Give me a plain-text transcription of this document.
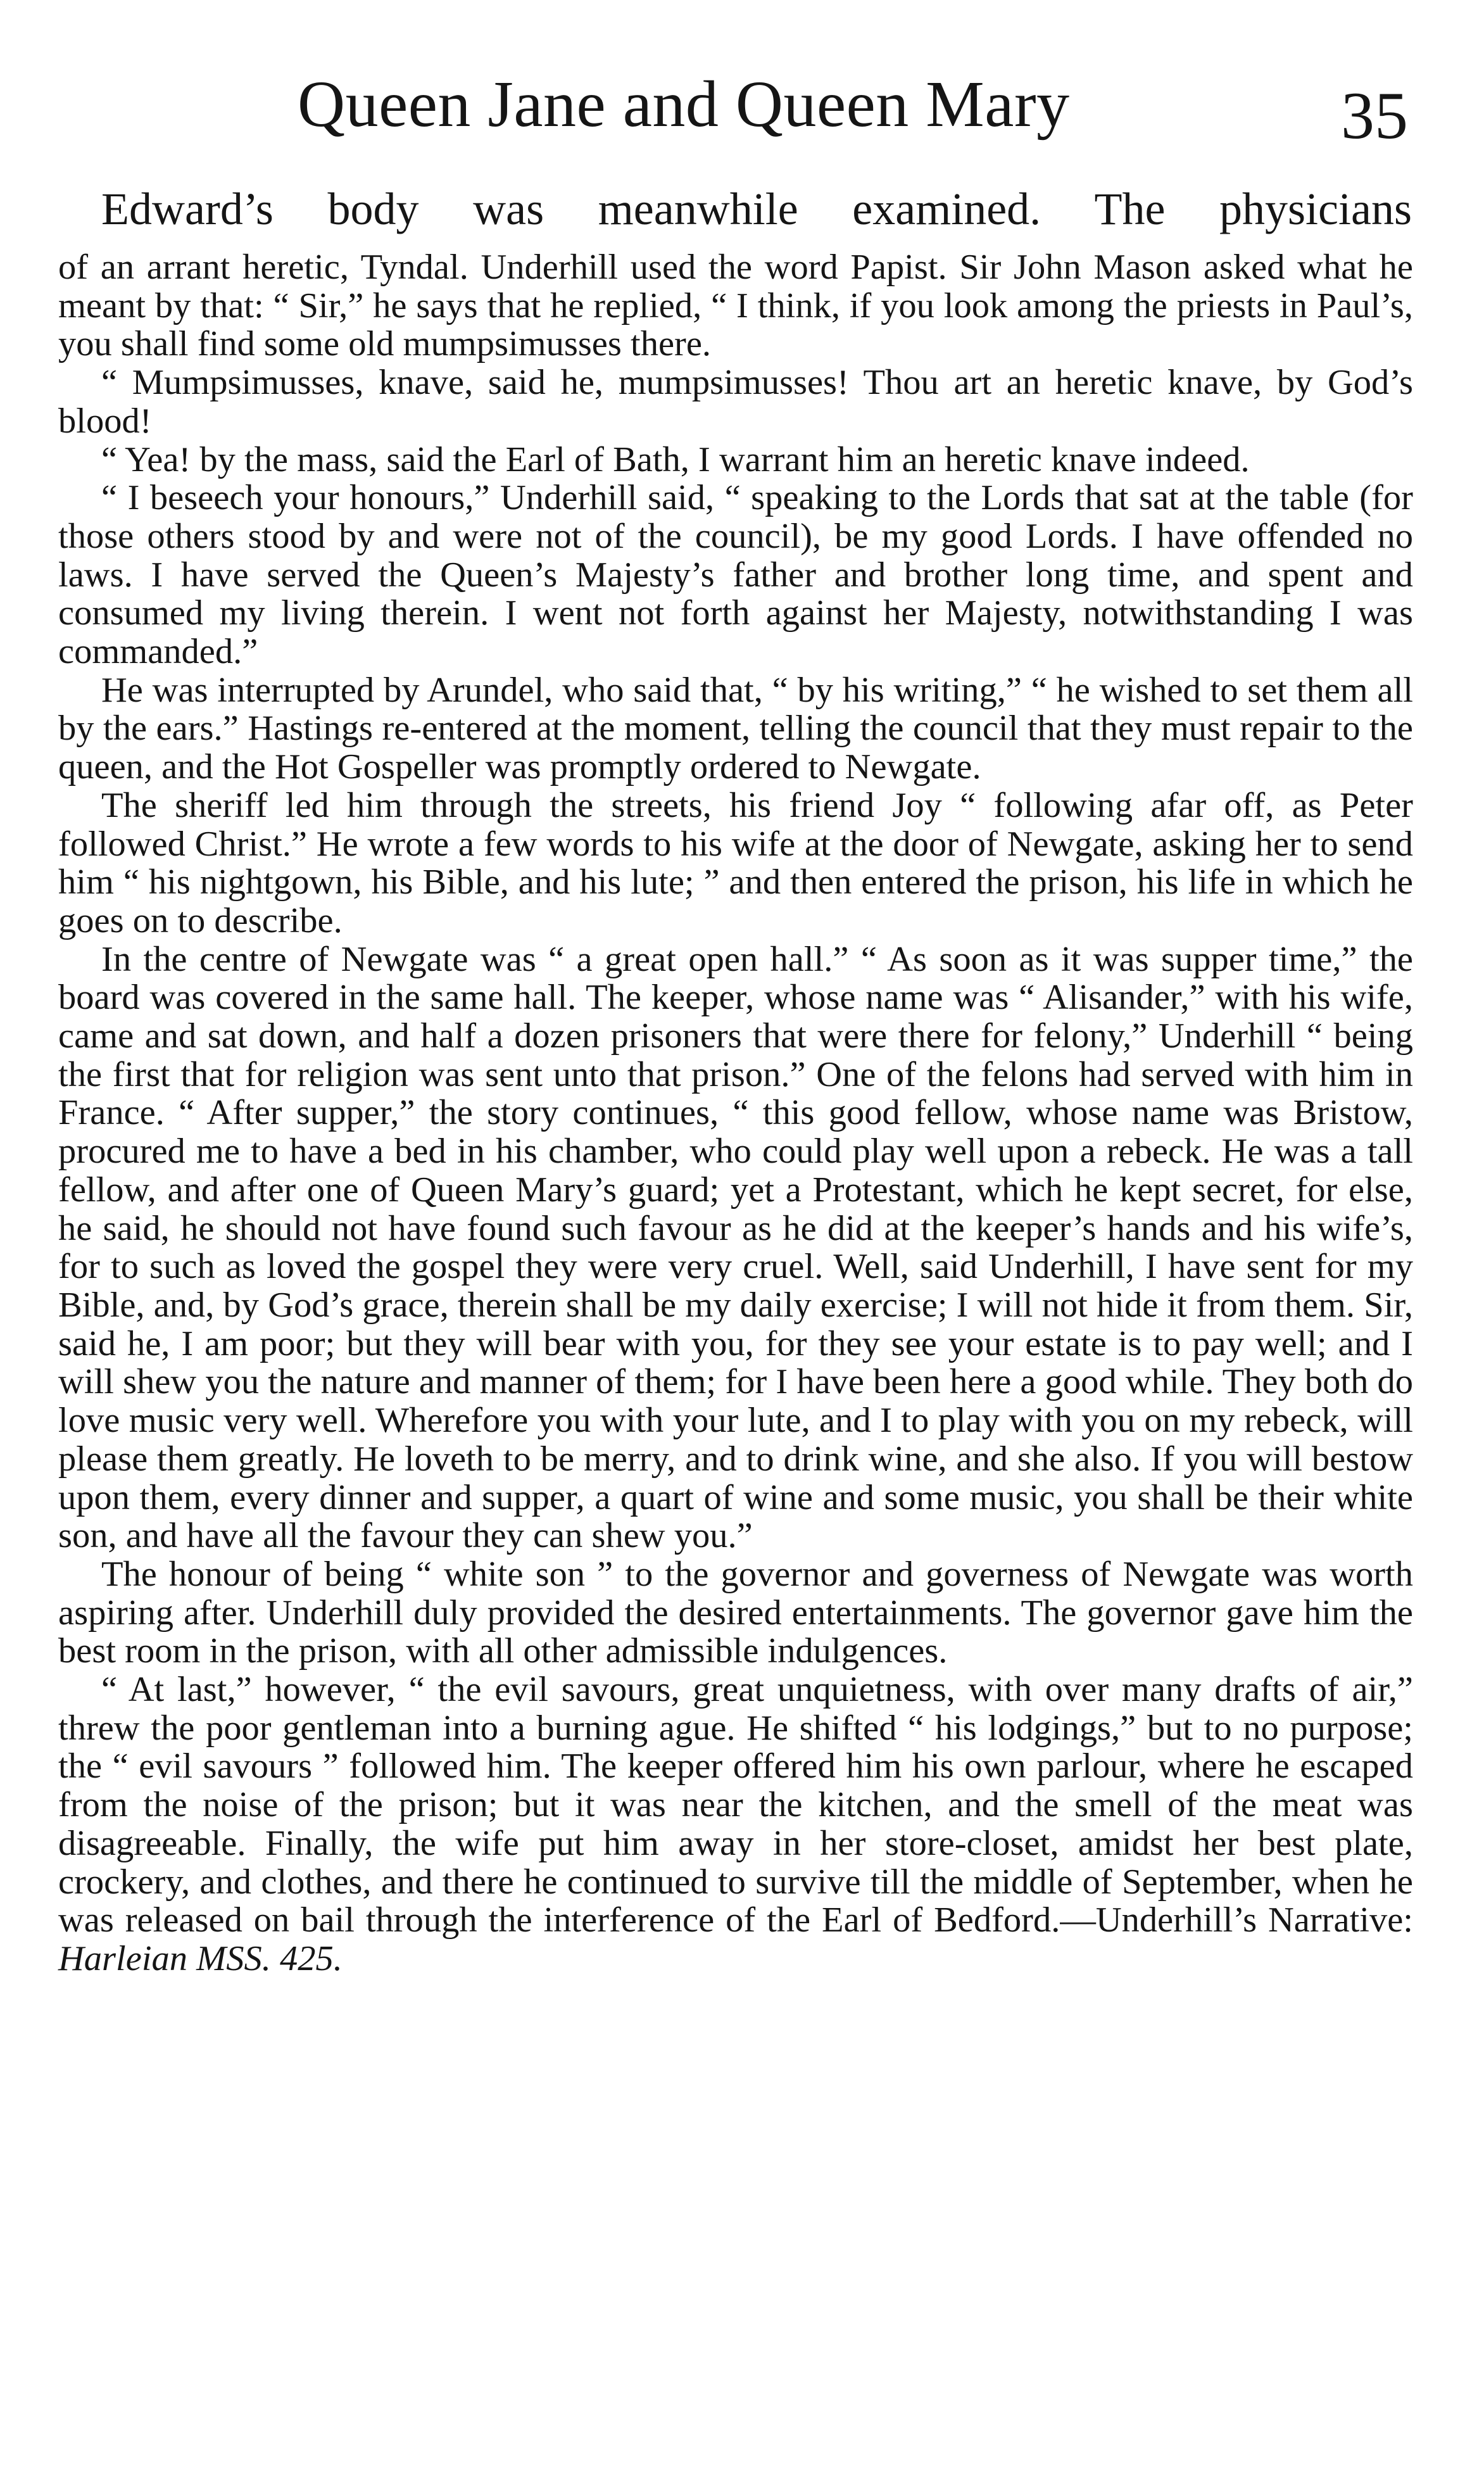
Queen Jane and Queen Mary	35
Edward’s body was meanwhile examined. The physicians

of an arrant heretic, Tyndal. Underhill used the word Papist. Sir John Mason asked what he meant by that: “ Sir,” he says that he replied, “ I think, if you look among the priests in Paul’s, you shall find some old mumpsimusses there.

“ Mumpsimusses, knave, said he, mumpsimusses! Thou art an heretic knave, by God’s blood!

“ Yea! by the mass, said the Earl of Bath, I warrant him an heretic knave indeed.

“ I beseech your honours,” Underhill said, “ speaking to the Lords that sat at the table (for those others stood by and were not of the council), be my good Lords. I have offended no laws. I have served the Queen’s Majesty’s father and brother long time, and spent and consumed my living therein. I went not forth against her Majesty, notwithstanding I was commanded.”

He was interrupted by Arundel, who said that, “ by his writing,” “ he wished to set them all by the ears.” Hastings re-entered at the moment, telling the council that they must repair to the queen, and the Hot Gospeller was promptly ordered to Newgate.

The sheriff led him through the streets, his friend Joy “ following afar off, as Peter followed Christ.” He wrote a few words to his wife at the door of Newgate, asking her to send him “ his nightgown, his Bible, and his lute; ” and then entered the prison, his life in which he goes on to describe.

In the centre of Newgate was “ a great open hall.” “ As soon as it was supper time,” the board was covered in the same hall. The keeper, whose name was “ Alisander,” with his wife, came and sat down, and half a dozen prisoners that were there for felony,” Underhill “ being the first that for religion was sent unto that prison.” One of the felons had served with him in France. “ After supper,” the story continues, “ this good fellow, whose name was Bristow, procured me to have a bed in his chamber, who could play well upon a rebeck. He was a tall fellow, and after one of Queen Mary’s guard; yet a Protestant, which he kept secret, for else, he said, he should not have found such favour as he did at the keeper’s hands and his wife’s, for to such as loved the gospel they were very cruel. Well, said Underhill, I have sent for my Bible, and, by God’s grace, therein shall be my daily exercise; I will not hide it from them. Sir, said he, I am poor; but they will bear with you, for they see your estate is to pay well; and I will shew you the nature and manner of them; for I have been here a good while. They both do love music very well. Wherefore you with your lute, and I to play with you on my rebeck, will please them greatly. He loveth to be merry, and to drink wine, and she also. If you will bestow upon them, every dinner and supper, a quart of wine and some music, you shall be their white son, and have all the favour they can shew you.”

The honour of being “ white son ” to the governor and governess of Newgate was worth aspiring after. Underhill duly provided the desired entertainments. The governor gave him the best room in the prison, with all other admissible indulgences.

“ At last,” however, “ the evil savours, great unquietness, with over many drafts of air,” threw the poor gentleman into a burning ague. He shifted “ his lodgings,” but to no purpose; the “ evil savours ” followed him. The keeper offered him his own parlour, where he escaped from the noise of the prison; but it was near the kitchen, and the smell of the meat was disagreeable. Finally, the wife put him away in her store-closet, amidst her best plate, crockery, and clothes, and there he continued to survive till the middle of September, when he was released on bail through the interference of the Earl of Bedford.—Underhill’s Narrative: Harleian MSS. 425.
